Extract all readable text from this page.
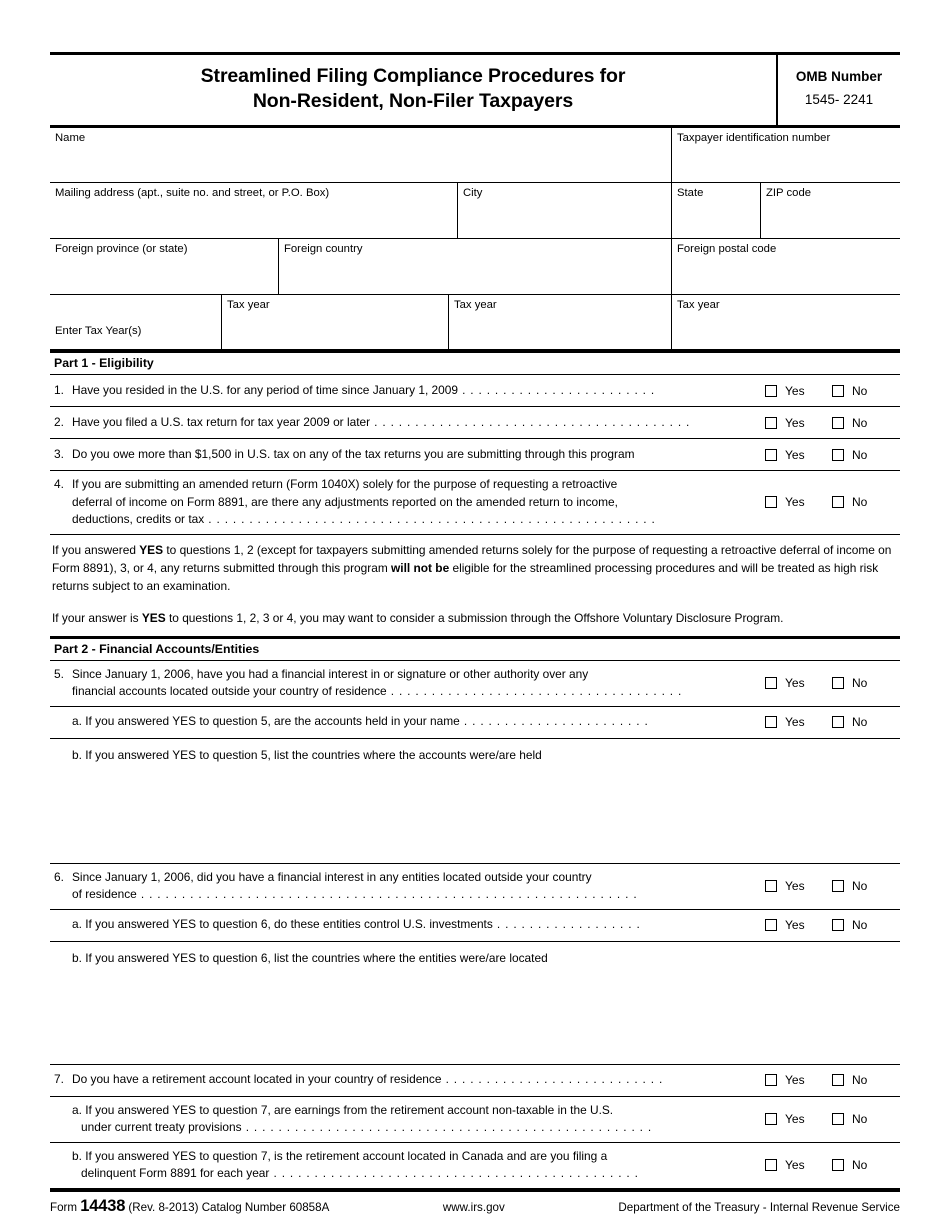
Streamlined Filing Compliance Procedures for
Non-Resident, Non-Filer Taxpayers
OMB Number
1545- 2241
Name	Taxpayer identification number
Mailing address (apt., suite no. and street, or P.O. Box)	City	State	ZIP code
Foreign province (or state)	Foreign country	Foreign postal code
Enter Tax Year(s)
Tax year	Tax year	Tax year
Part 1 - Eligibility
1. Have you resided in the U.S. for any period of time since January 1, 2009 . . . . . . . . . . . . . . . . . . . . . . . .	Yes	No
2. Have you filed a U.S. tax return for tax year 2009 or later . . . . . . . . . . . . . . . . . . . . . . . . . . . . . . . . . . . . . . .	Yes	No
3. Do you owe more than $1,500 in U.S. tax on any of the tax returns you are submitting through this program	Yes	No
4. If you are submitting an amended return (Form 1040X) solely for the purpose of requesting a retroactive
deferral of income on Form 8891, are there any adjustments reported on the amended return to income,
deductions, credits or tax . . . . . . . . . . . . . . . . . . . . . . . . . . . . . . . . . . . . . . . . . . . . . . . . . . . . . . .
Yes	No

If you answered YES to questions 1, 2 (except for taxpayers submitting amended returns solely for the purpose of requesting a retroactive deferral of income on Form 8891), 3, or 4, any returns submitted through this program will not be eligible for the streamlined processing procedures and will be treated as high risk returns subject to an examination.

If your answer is YES to questions 1, 2, 3 or 4, you may want to consider a submission through the Offshore Voluntary Disclosure Program.

Part 2 - Financial Accounts/Entities
5. Since January 1, 2006, have you had a financial interest in or signature or other authority over any
financial accounts located outside your country of residence . . . . . . . . . . . . . . . . . . . . . . . . . . . . . . . . . . . .
Yes	No
a. If you answered YES to question 5, are the accounts held in your name . . . . . . . . . . . . . . . . . . . . . . .	Yes	No
b. If you answered YES to question 5, list the countries where the accounts were/are held
6. Since January 1, 2006, did you have a financial interest in any entities located outside your country
of residence . . . . . . . . . . . . . . . . . . . . . . . . . . . . . . . . . . . . . . . . . . . . . . . . . . . . . . . . . . . . .
Yes	No
a. If you answered YES to question 6, do these entities control U.S. investments . . . . . . . . . . . . . . . . . .	Yes	No
b. If you answered YES to question 6, list the countries where the entities were/are located
7. Do you have a retirement account located in your country of residence . . . . . . . . . . . . . . . . . . . . . . . . . . .	Yes	No
a. If you answered YES to question 7, are earnings from the retirement account non-taxable in the U.S.
under current treaty provisions . . . . . . . . . . . . . . . . . . . . . . . . . . . . . . . . . . . . . . . . . . . . . . . . . .
Yes	No
b. If you answered YES to question 7, is the retirement account located in Canada and are you filing a
delinquent Form 8891 for each year . . . . . . . . . . . . . . . . . . . . . . . . . . . . . . . . . . . . . . . . . . . . .
Yes	No
Form 14438 (Rev. 8-2013) Catalog Number 60858A	www.irs.gov	Department of the Treasury - Internal Revenue Service
